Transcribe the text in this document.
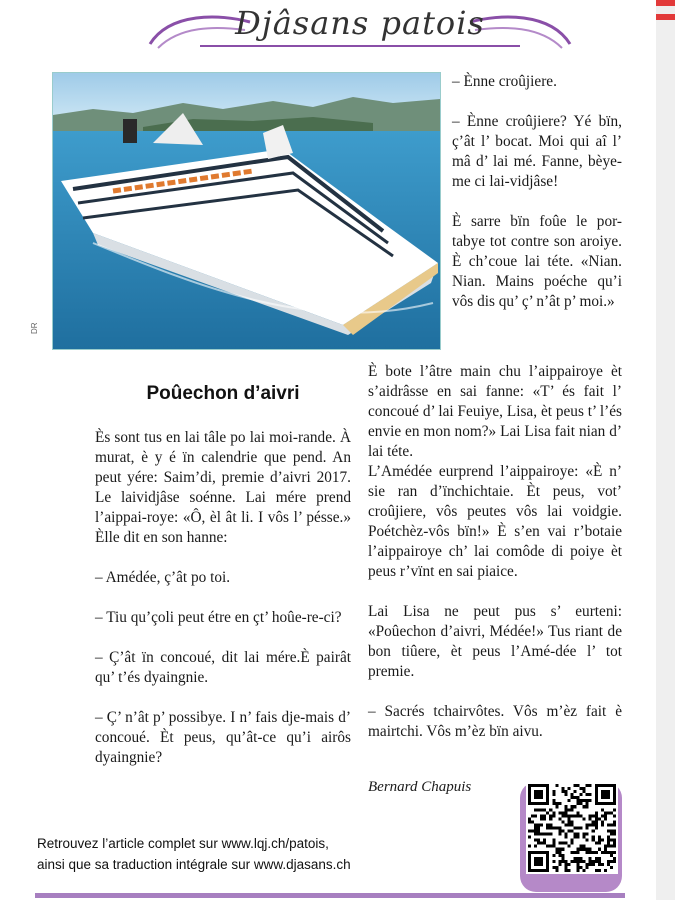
Djâsans patois
DR

– Ènne croûjiere.

– Ènne croûjiere? Yé bïn, ç’ât l’ bocat. Moi qui aî l’ mâ d’ lai mé. Fanne, bèye-me ci lai-vidjâse!

È sarre bïn foûe le por-tabye tot contre son aroiye. È ch’coue lai téte. «Nian. Nian. Mains poéche qu’i vôs dis qu’ ç’ n’ât p’ moi.»

Poûechon d’aivri

Ès sont tus en lai tâle po lai moi-rande. À murat, è y é ïn calendrie que pend. An peut yére: Saim’di, premie d’aivri 2017. Le laividjâse soénne. Lai mére prend l’aippai-roye: «Ô, èl ât li. I vôs l’ pésse.» Èlle dit en son hanne:

– Amédée, ç’ât po toi.

– Tiu qu’çoli peut étre en çt’ hoûe-re-ci?

– Ç’ât ïn concoué, dit lai mére.È pairât qu’ t’és dyaingnie.

– Ç’ n’ât p’ possibye. I n’ fais dje-mais d’ concoué. Èt peus, qu’ât-ce qu’i airôs dyaingnie?

È bote l’âtre main chu l’aippairoye èt s’aidrâsse en sai fanne: «T’ és fait l’ concoué d’ lai Feuiye, Lisa, èt peus t’ l’és envie en mon nom?» Lai Lisa fait nian d’ lai téte.

L’Amédée eurprend l’aippairoye: «È n’ sie ran d’ïnchichtaie. Èt peus, vot’ croûjiere, vôs peutes vôs lai voidgie. Poétchèz-vôs bïn!» È s’en vai r’botaie l’aippairoye ch’ lai comôde di poiye èt peus r’vïnt en sai piaice.

Lai Lisa ne peut pus s’ eurteni: «Poûechon d’aivri, Médée!» Tus riant de bon tiûere, èt peus l’Amé-dée l’ tot premie.

– Sacrés tchairvôtes. Vôs m’èz fait è mairtchi. Vôs m’èz bïn aivu.

Bernard Chapuis
Retrouvez l’article complet sur www.lqj.ch/patois,
ainsi que sa traduction intégrale sur www.djasans.ch
